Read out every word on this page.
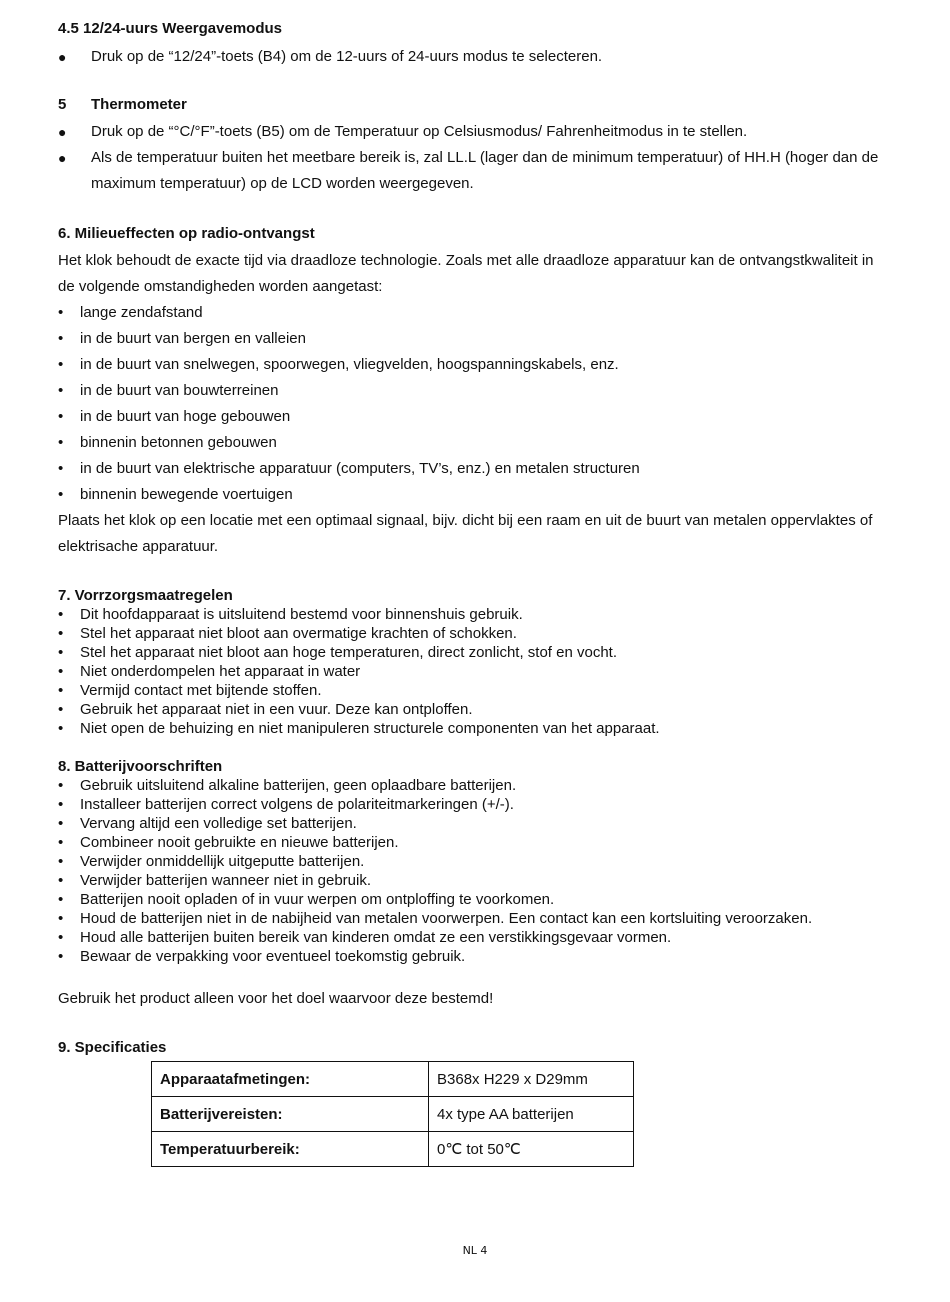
4.5 12/24-uurs Weergavemodus
● Druk op de “12/24”-toets (B4) om de 12-uurs of 24-uurs modus te selecteren.
5	Thermometer
● Druk op de “°C/°F”-toets (B5) om de Temperatuur op Celsiusmodus/ Fahrenheitmodus in te stellen.
● Als de temperatuur buiten het meetbare bereik is, zal LL.L (lager dan de minimum temperatuur) of HH.H (hoger dan de maximum temperatuur) op de LCD worden weergegeven.
6. Milieueffecten op radio-ontvangst

Het klok behoudt de exacte tijd via draadloze technologie. Zoals met alle draadloze apparatuur kan de ontvangstkwaliteit in de volgende omstandigheden worden aangetast:

• lange zendafstand
• in de buurt van bergen en valleien
• in de buurt van snelwegen, spoorwegen, vliegvelden, hoogspanningskabels, enz.
• in de buurt van bouwterreinen
• in de buurt van hoge gebouwen
• binnenin betonnen gebouwen
• in de buurt van elektrische apparatuur (computers, TV’s, enz.) en metalen structuren
• binnenin bewegende voertuigen

Plaats het klok op een locatie met een optimaal signaal, bijv. dicht bij een raam en uit de buurt van metalen oppervlaktes of elektrisache apparatuur.

7. Vorrzorgsmaatregelen
• Dit hoofdapparaat is uitsluitend bestemd voor binnenshuis gebruik.
• Stel het apparaat niet bloot aan overmatige krachten of schokken.
• Stel het apparaat niet bloot aan hoge temperaturen, direct zonlicht, stof en vocht.
• Niet onderdompelen het apparaat in water
• Vermijd contact met bijtende stoffen.
• Gebruik het apparaat niet in een vuur. Deze kan ontploffen.
• Niet open de behuizing en niet manipuleren structurele componenten van het apparaat.
8. Batterijvoorschriften
• Gebruik uitsluitend alkaline batterijen, geen oplaadbare batterijen.
• Installeer batterijen correct volgens de polariteitmarkeringen (+/-).
• Vervang altijd een volledige set batterijen.
• Combineer nooit gebruikte en nieuwe batterijen.
• Verwijder onmiddellijk uitgeputte batterijen.
• Verwijder batterijen wanneer niet in gebruik.
• Batterijen nooit opladen of in vuur werpen om ontploffing te voorkomen.
• Houd de batterijen niet in de nabijheid van metalen voorwerpen. Een contact kan een kortsluiting veroorzaken.
• Houd alle batterijen buiten bereik van kinderen omdat ze een verstikkingsgevaar vormen.
• Bewaar de verpakking voor eventueel toekomstig gebruik.

Gebruik het product alleen voor het doel waarvoor deze bestemd!

9. Specificaties
Apparaatafmetingen:	B368x H229 x D29mm
Batterijvereisten:	4x type AA batterijen
Temperatuurbereik:	0℃ tot 50℃
NL 4
